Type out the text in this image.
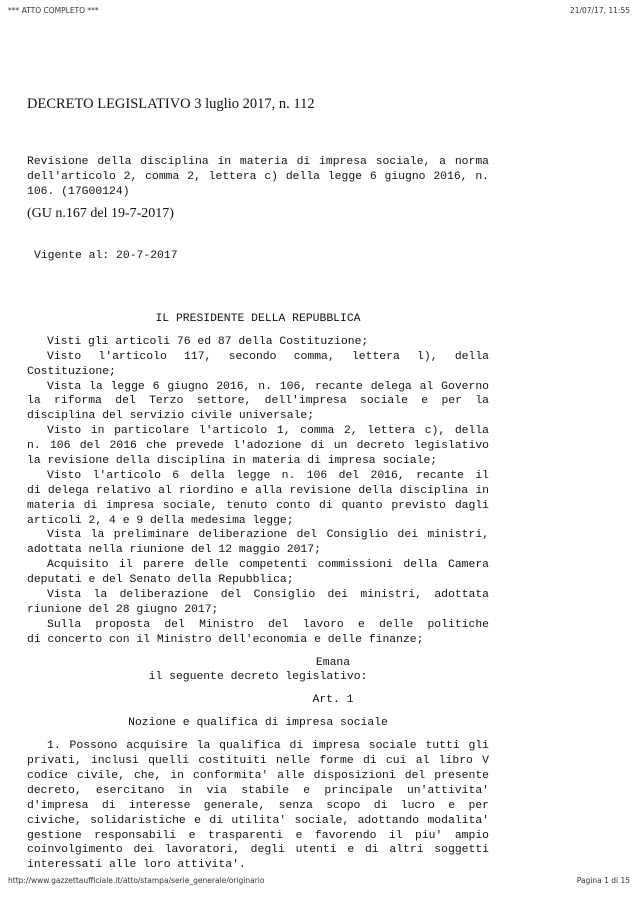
*** ATTO COMPLETO ***	21/07/17, 11:55
DECRETO LEGISLATIVO 3 luglio 2017, n. 112
Revisione della disciplina in materia di impresa sociale, a norma
dell'articolo 2, comma 2, lettera c) della legge 6 giugno 2016, n.
106. (17G00124)
(GU n.167 del 19-7-2017)
Vigente al: 20-7-2017
IL PRESIDENTE DELLA REPUBBLICA
Visti gli articoli 76 ed 87 della Costituzione;
Visto l'articolo 117, secondo comma, lettera l), della
Costituzione;
Vista la legge 6 giugno 2016, n. 106, recante delega al Governo
la riforma del Terzo settore, dell'impresa sociale e per la
disciplina del servizio civile universale;
Visto in particolare l'articolo 1, comma 2, lettera c), della
n. 106 del 2016 che prevede l'adozione di un decreto legislativo
la revisione della disciplina in materia di impresa sociale;
Visto l'articolo 6 della legge n. 106 del 2016, recante il
di delega relativo al riordino e alla revisione della disciplina in
materia di impresa sociale, tenuto conto di quanto previsto dagli
articoli 2, 4 e 9 della medesima legge;
Vista la preliminare deliberazione del Consiglio dei ministri,
adottata nella riunione del 12 maggio 2017;
Acquisito il parere delle competenti commissioni della Camera
deputati e del Senato della Repubblica;
Vista la deliberazione del Consiglio dei ministri, adottata
riunione del 28 giugno 2017;
Sulla proposta del Ministro del lavoro e delle politiche
di concerto con il Ministro dell'economia e delle finanze;
Emana
il seguente decreto legislativo:
Art. 1
Nozione e qualifica di impresa sociale
1. Possono acquisire la qualifica di impresa sociale tutti gli
privati, inclusi quelli costituiti nelle forme di cui al libro V
codice civile, che, in conformita' alle disposizioni del presente
decreto, esercitano in via stabile e principale un'attivita'
d'impresa di interesse generale, senza scopo di lucro e per
civiche, solidaristiche e di utilita' sociale, adottando modalita'
gestione responsabili e trasparenti e favorendo il piu' ampio
coinvolgimento dei lavoratori, degli utenti e di altri soggetti
interessati alle loro attivita'.
http://www.gazzettaufficiale.it/atto/stampa/serie_generale/originario	Pagina 1 di 15
